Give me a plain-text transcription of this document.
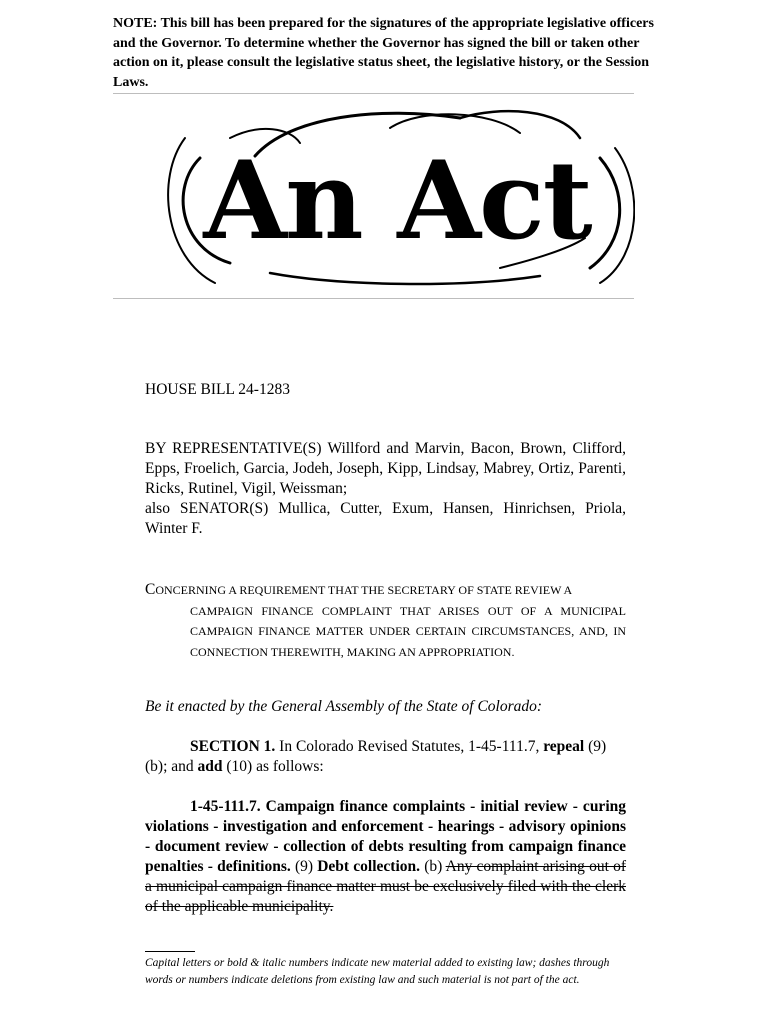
NOTE: This bill has been prepared for the signatures of the appropriate legislative officers and the Governor. To determine whether the Governor has signed the bill or taken other action on it, please consult the legislative status sheet, the legislative history, or the Session Laws.
An Act
HOUSE BILL 24-1283
BY REPRESENTATIVE(S) Willford and Marvin, Bacon, Brown, Clifford, Epps, Froelich, Garcia, Jodeh, Joseph, Kipp, Lindsay, Mabrey, Ortiz, Parenti, Ricks, Rutinel, Vigil, Weissman;
also SENATOR(S) Mullica, Cutter, Exum, Hansen, Hinrichsen, Priola, Winter F.
CONCERNING A REQUIREMENT THAT THE SECRETARY OF STATE REVIEW A
CAMPAIGN FINANCE COMPLAINT THAT ARISES OUT OF A MUNICIPAL CAMPAIGN FINANCE MATTER UNDER CERTAIN CIRCUMSTANCES, AND, IN CONNECTION THEREWITH, MAKING AN APPROPRIATION.
Be it enacted by the General Assembly of the State of Colorado:
SECTION 1. In Colorado Revised Statutes, 1-45-111.7, repeal (9)(b); and add (10) as follows:
1-45-111.7. Campaign finance complaints - initial review - curing violations - investigation and enforcement - hearings - advisory opinions - document review - collection of debts resulting from campaign finance penalties - definitions. (9) Debt collection. (b) Any complaint arising out of a municipal campaign finance matter must be exclusively filed with the clerk of the applicable municipality.
Capital letters or bold & italic numbers indicate new material added to existing law; dashes through words or numbers indicate deletions from existing law and such material is not part of the act.
